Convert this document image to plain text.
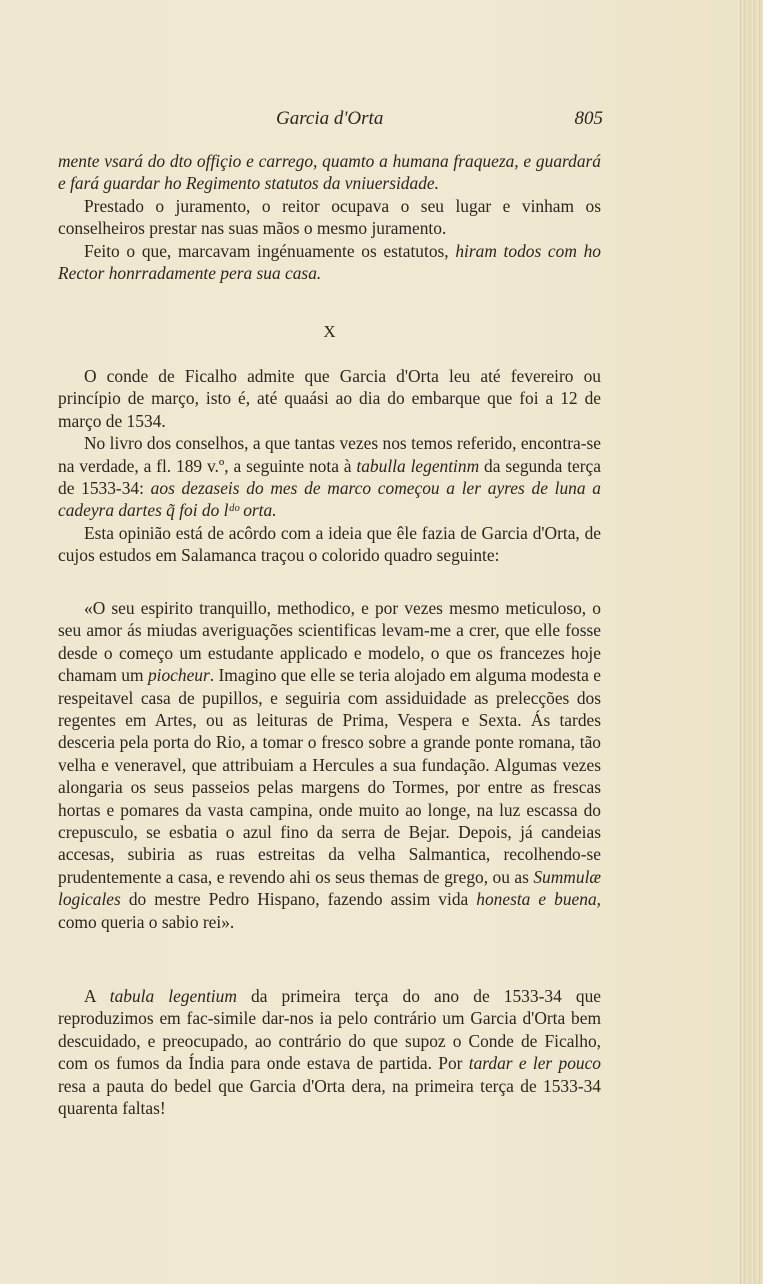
Garcia d'Orta	805

mente vsará do dto offiçio e carrego, quamto a humana fraqueza, e guardará e fará guardar ho Regimento statutos da vniuersidade.

Prestado o juramento, o reitor ocupava o seu lugar e vinham os conselheiros prestar nas suas mãos o mesmo juramento.

Feito o que, marcavam ingénuamente os estatutos, hiram todos com ho Rector honrradamente pera sua casa.

X

O conde de Ficalho admite que Garcia d'Orta leu até fevereiro ou princípio de março, isto é, até quaási ao dia do embarque que foi a 12 de março de 1534.

No livro dos conselhos, a que tantas vezes nos temos referido, encontra-se na verdade, a fl. 189 v.º, a seguinte nota à tabulla legentinm da segunda terça de 1533-34: aos dezaseis do mes de marco começou a ler ayres de luna a cadeyra dartes q̃ foi do lᵈᵒ orta.

Esta opinião está de acôrdo com a ideia que êle fazia de Garcia d'Orta, de cujos estudos em Salamanca traçou o colorido quadro seguinte:

«O seu espirito tranquillo, methodico, e por vezes mesmo meticuloso, o seu amor ás miudas averiguações scientificas levam-me a crer, que elle fosse desde o começo um estudante applicado e modelo, o que os francezes hoje chamam um piocheur. Imagino que elle se teria alojado em alguma modesta e respeitavel casa de pupillos, e seguiria com assiduidade as prelecções dos regentes em Artes, ou as leituras de Prima, Vespera e Sexta. Ás tardes desceria pela porta do Rio, a tomar o fresco sobre a grande ponte romana, tão velha e veneravel, que attribuiam a Hercules a sua fundação. Algumas vezes alongaria os seus passeios pelas margens do Tormes, por entre as frescas hortas e pomares da vasta campina, onde muito ao longe, na luz escassa do crepusculo, se esbatia o azul fino da serra de Bejar. Depois, já candeias accesas, subiria as ruas estreitas da velha Salmantica, recolhendo-se prudentemente a casa, e revendo ahi os seus themas de grego, ou as Summulæ logicales do mestre Pedro Hispano, fazendo assim vida honesta e buena, como queria o sabio rei».

A tabula legentium da primeira terça do ano de 1533-34 que reproduzimos em fac-simile dar-nos ia pelo contrário um Garcia d'Orta bem descuidado, e preocupado, ao contrário do que supoz o Conde de Ficalho, com os fumos da Índia para onde estava de partida. Por tardar e ler pouco resa a pauta do bedel que Garcia d'Orta dera, na primeira terça de 1533-34 quarenta faltas!
